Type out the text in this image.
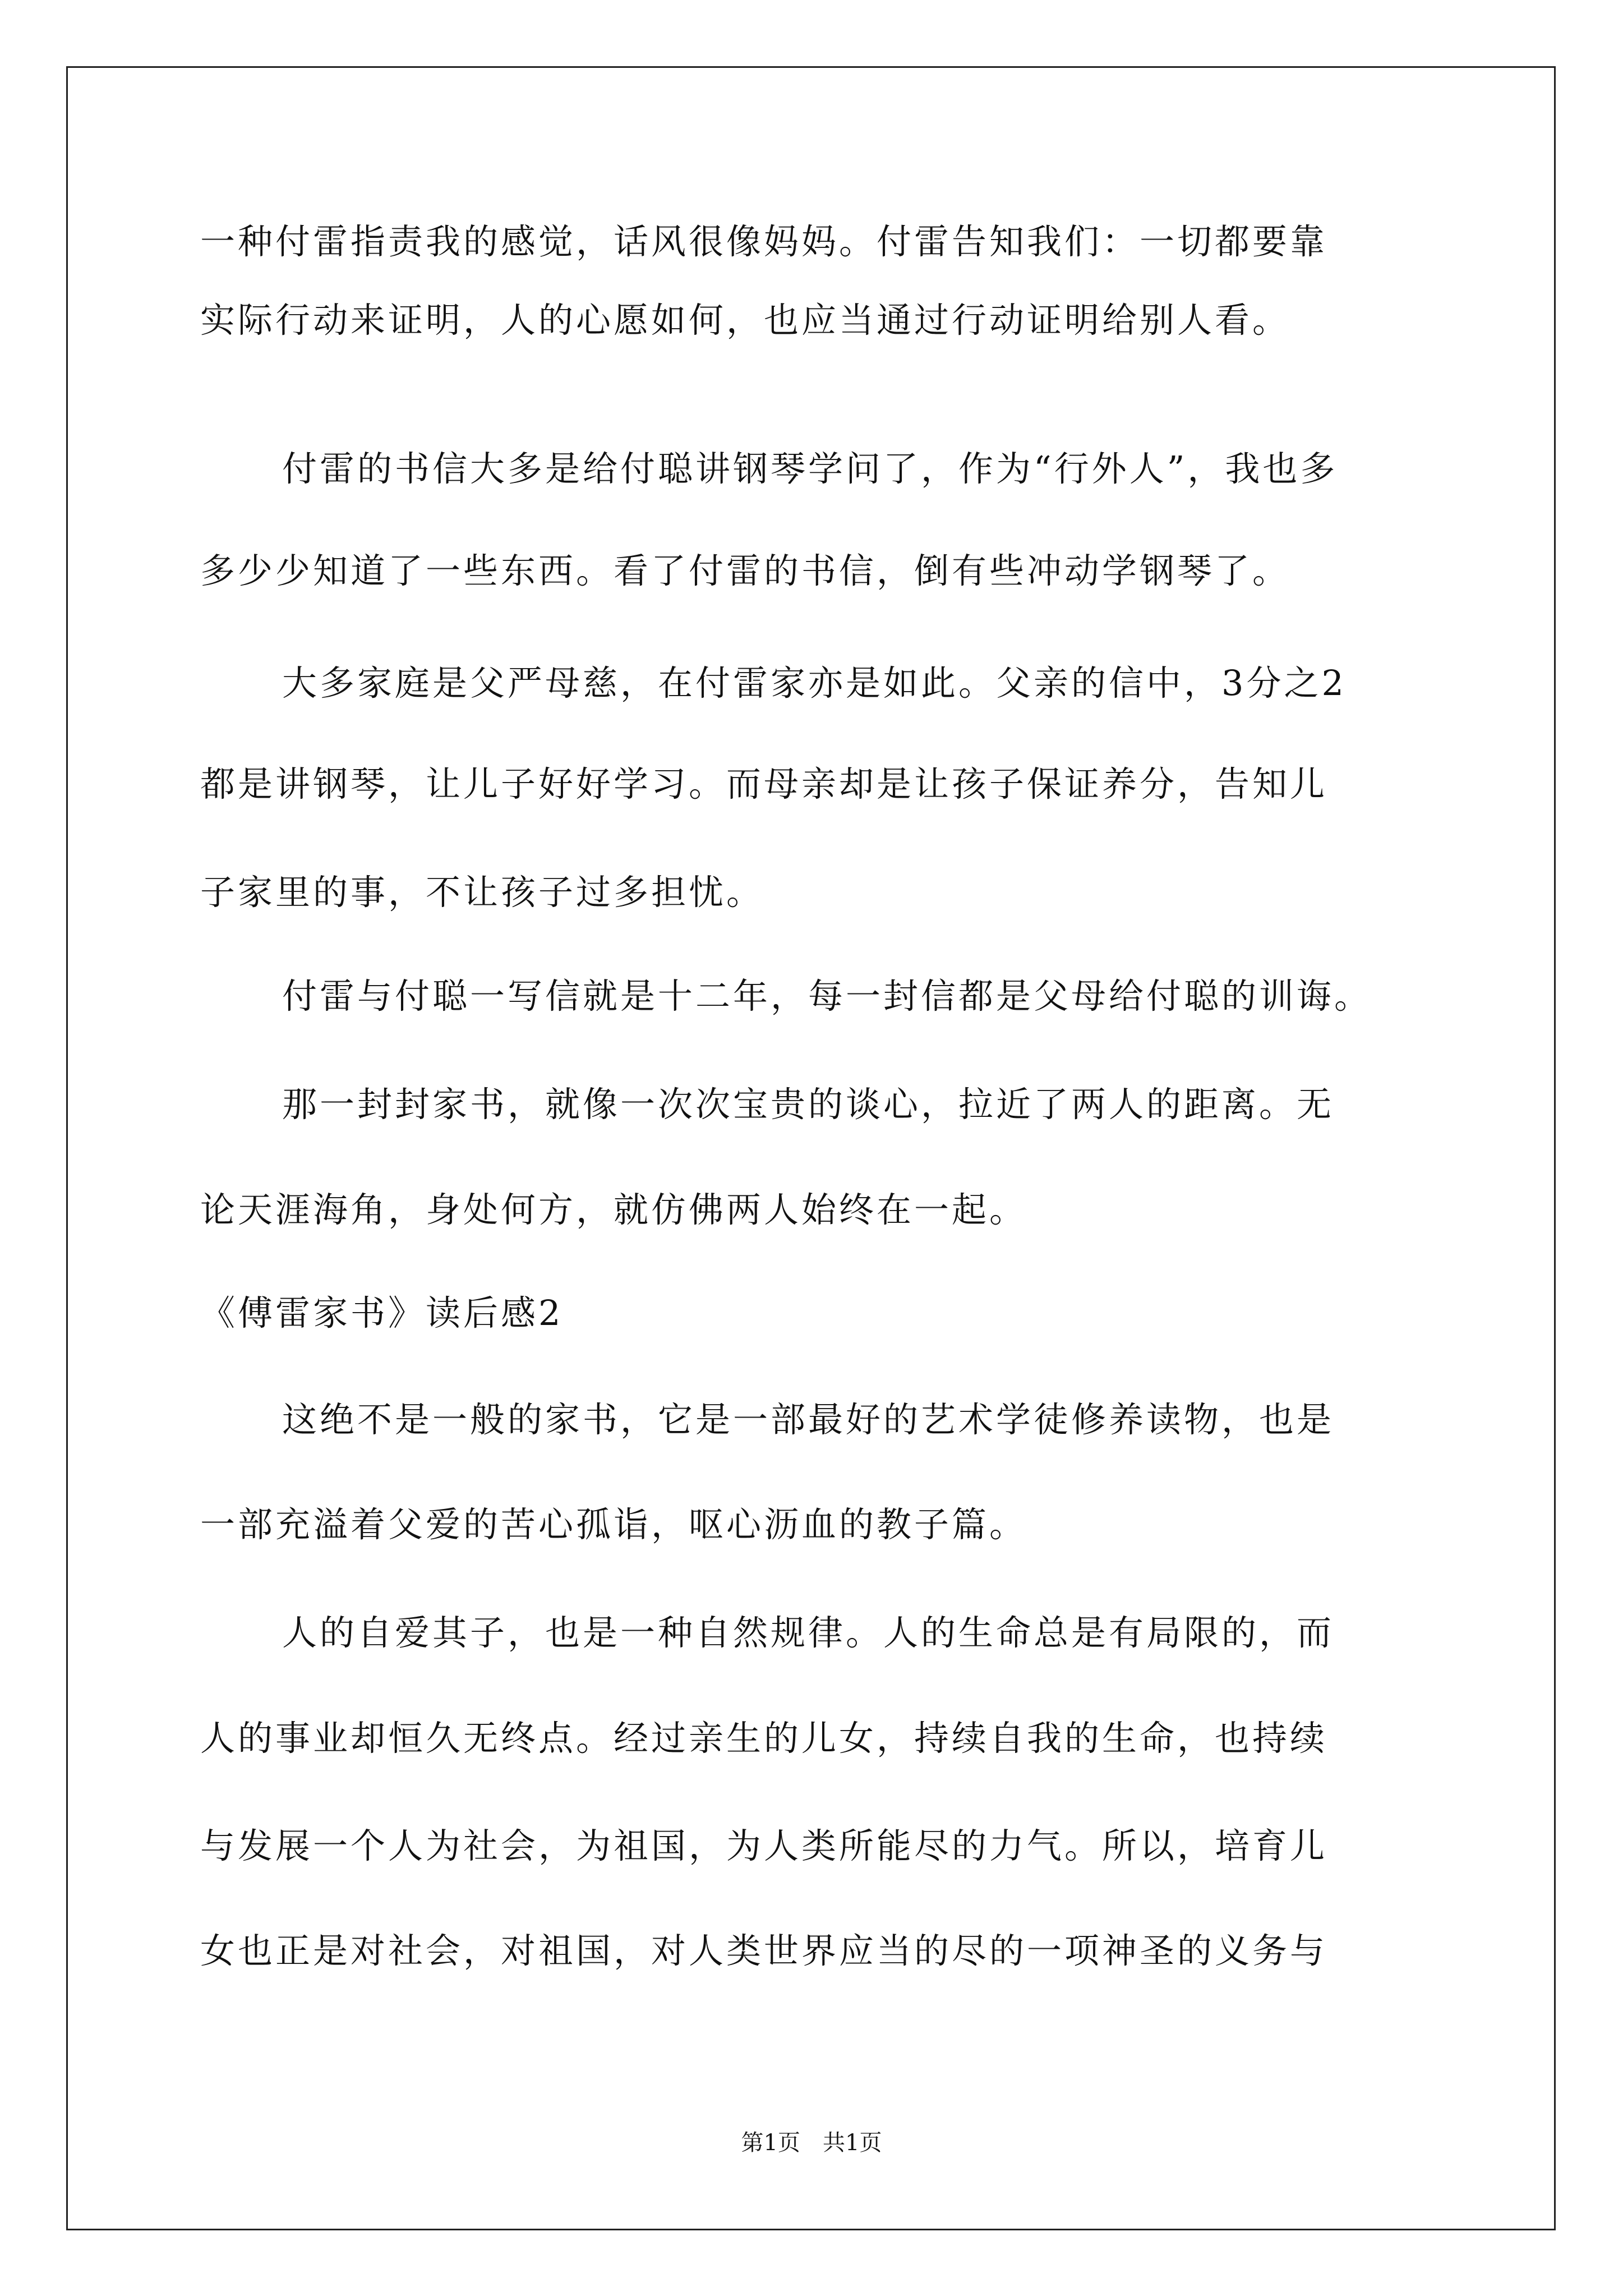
一种付雷指责我的感觉，话风很像妈妈。付雷告知我们：一切都要靠
实际行动来证明，人的心愿如何，也应当通过行动证明给别人看。
付雷的书信大多是给付聪讲钢琴学问了，作为“行外人”，我也多
多少少知道了一些东西。看了付雷的书信，倒有些冲动学钢琴了。
大多家庭是父严母慈，在付雷家亦是如此。父亲的信中，3分之2
都是讲钢琴，让儿子好好学习。而母亲却是让孩子保证养分，告知儿
子家里的事，不让孩子过多担忧。
付雷与付聪一写信就是十二年，每一封信都是父母给付聪的训诲。
那一封封家书，就像一次次宝贵的谈心，拉近了两人的距离。无
论天涯海角，身处何方，就仿佛两人始终在一起。
《傅雷家书》读后感2
这绝不是一般的家书，它是一部最好的艺术学徒修养读物，也是
一部充溢着父爱的苦心孤诣，呕心沥血的教子篇。
人的自爱其子，也是一种自然规律。人的生命总是有局限的，而
人的事业却恒久无终点。经过亲生的儿女，持续自我的生命，也持续
与发展一个人为社会，为祖国，为人类所能尽的力气。所以，培育儿
女也正是对社会，对祖国，对人类世界应当的尽的一项神圣的义务与
第1页 共1页
